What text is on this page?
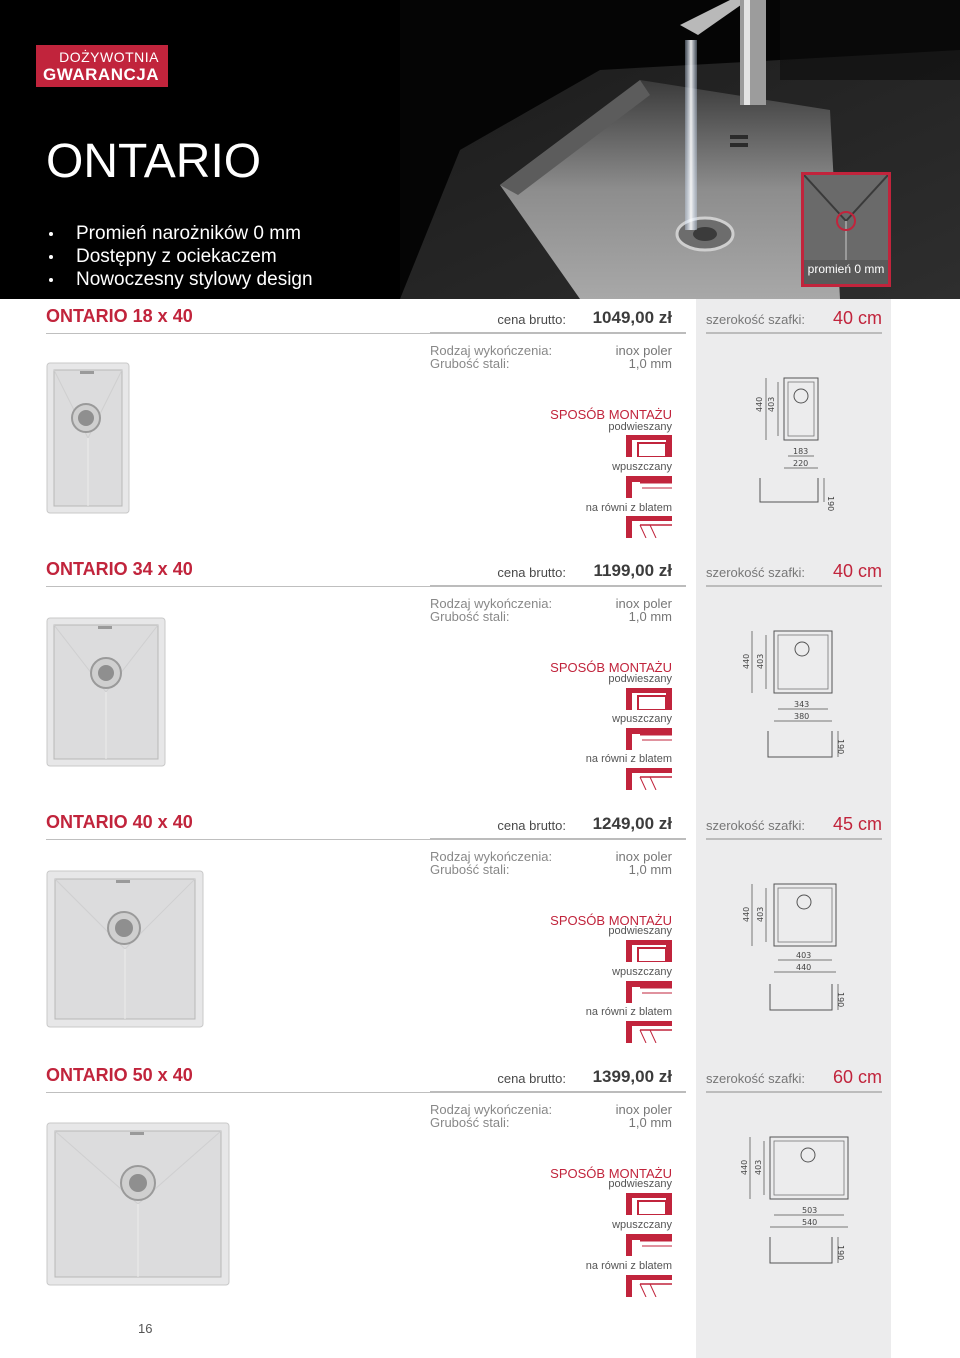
DOŻYWOTNIA
GWARANCJA
ONTARIO
Promień narożników 0 mm
Dostępny z ociekaczem
Nowoczesny stylowy design	promień 0 mm
ONTARIO 18 x 40	cena brutto:	1049,00 zł	szerokość szafki:	40 cm
Rodzaj wykończenia:	inox poler
Grubość stali:	1,0 mm
SPOSÓB MONTAŻU
podwieszany
wpuszczany
na równi z blatem
440 403
183
220
190
ONTARIO 34 x 40	cena brutto:	1199,00 zł	szerokość szafki:	40 cm
Rodzaj wykończenia:	inox poler
Grubość stali:	1,0 mm
SPOSÓB MONTAŻU
podwieszany
wpuszczany
na równi z blatem
440 403
343
380
190
ONTARIO 40 x 40	cena brutto:	1249,00 zł	szerokość szafki:	45 cm
Rodzaj wykończenia:	inox poler
Grubość stali:	1,0 mm
SPOSÓB MONTAŻU
podwieszany
wpuszczany
na równi z blatem
440 403
403
440
190
ONTARIO 50 x 40	cena brutto:	1399,00 zł	szerokość szafki:	60 cm
Rodzaj wykończenia:	inox poler
Grubość stali:	1,0 mm
SPOSÓB MONTAŻU
podwieszany
wpuszczany
na równi z blatem
440 403
503
540
190
16
